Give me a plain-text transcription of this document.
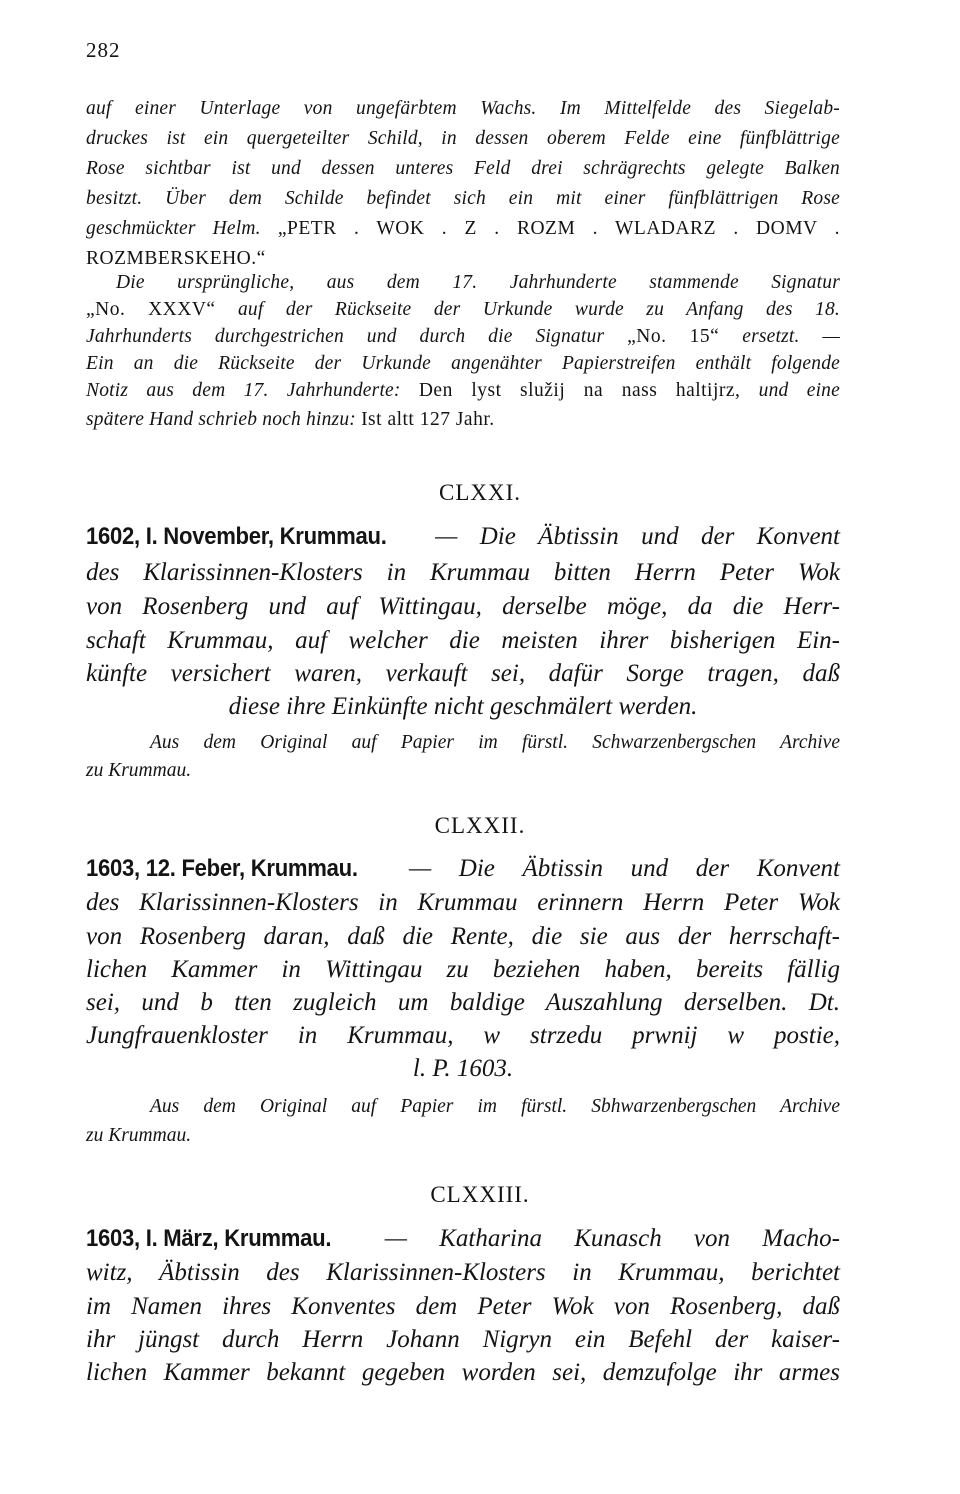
282
auf einer Unterlage von ungefärbtem Wachs. Im Mittelfelde des Siegelab-
druckes ist ein quergeteilter Schild, in dessen oberem Felde eine fünfblättrige
Rose sichtbar ist und dessen unteres Feld drei schrägrechts gelegte Balken
besitzt. Über dem Schilde befindet sich ein mit einer fünfblättrigen Rose
geschmückter Helm. „PETR . WOK . Z . ROZM . WLADARZ . DOMV .
ROZMBERSKEHO.“
Die ursprüngliche, aus dem 17. Jahrhunderte stammende Signatur
„No. XXXV“ auf der Rückseite der Urkunde wurde zu Anfang des 18.
Jahrhunderts durchgestrichen und durch die Signatur „No. 15“ ersetzt. —
Ein an die Rückseite der Urkunde angenähter Papierstreifen enthält folgende
Notiz aus dem 17. Jahrhunderte: Den lyst služij na nass haltijrz, und eine
spätere Hand schrieb noch hinzu: Ist altt 127 Jahr.
CLXXI.
1602, I. November, Krummau. — Die Äbtissin und der Konvent
des Klarissinnen-Klosters in Krummau bitten Herrn Peter Wok
von Rosenberg und auf Wittingau, derselbe möge, da die Herr-
schaft Krummau, auf welcher die meisten ihrer bisherigen Ein-
künfte versichert waren, verkauft sei, dafür Sorge tragen, daß
diese ihre Einkünfte nicht geschmälert werden.
Aus dem Original auf Papier im fürstl. Schwarzenbergschen Archive
zu Krummau.
CLXXII.
1603, 12. Feber, Krummau. — Die Äbtissin und der Konvent
des Klarissinnen-Klosters in Krummau erinnern Herrn Peter Wok
von Rosenberg daran, daß die Rente, die sie aus der herrschaft-
lichen Kammer in Wittingau zu beziehen haben, bereits fällig
sei, und b tten zugleich um baldige Auszahlung derselben. Dt.
Jungfrauenkloster in Krummau, w strzedu prwnij w postie,
l. P. 1603.
Aus dem Original auf Papier im fürstl. Sbhwarzenbergschen Archive
zu Krummau.
CLXXIII.
1603, I. März, Krummau. — Katharina Kunasch von Macho-
witz, Äbtissin des Klarissinnen-Klosters in Krummau, berichtet
im Namen ihres Konventes dem Peter Wok von Rosenberg, daß
ihr jüngst durch Herrn Johann Nigryn ein Befehl der kaiser-
lichen Kammer bekannt gegeben worden sei, demzufolge ihr armes
